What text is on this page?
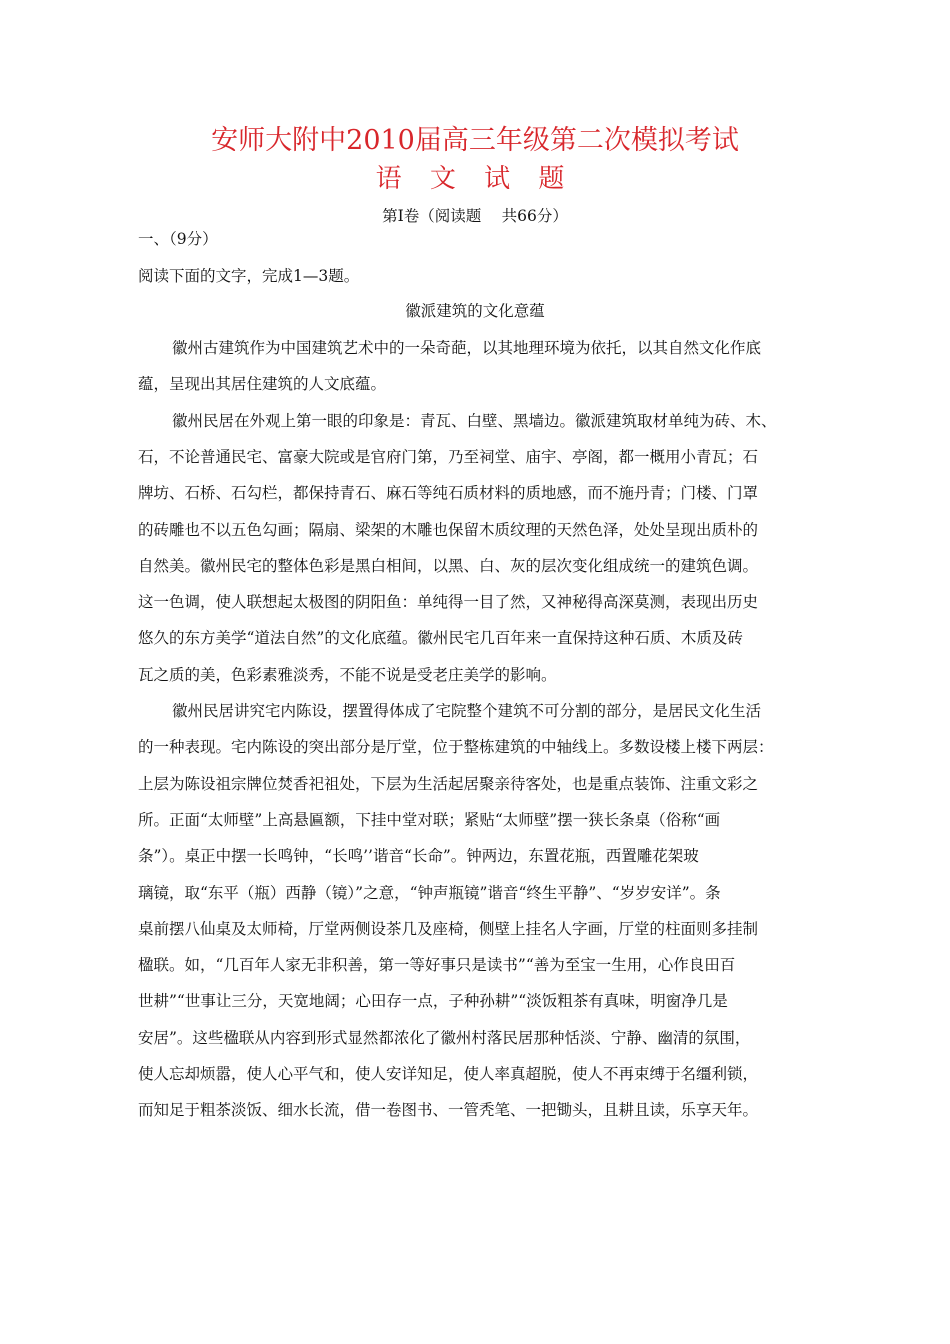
安师大附中2010届高三年级第二次模拟考试
语 文 试 题
第Ⅰ卷（阅读题　 共66分）
一、（9分）
阅读下面的文字，完成1—3题。
徽派建筑的文化意蕴
徽州古建筑作为中国建筑艺术中的一朵奇葩，以其地理环境为依托，以其自然文化作底
蕴，呈现出其居住建筑的人文底蕴。
徽州民居在外观上第一眼的印象是：青瓦、白壁、黑墙边。徽派建筑取材单纯为砖、木、
石，不论普通民宅、富豪大院或是官府门第，乃至祠堂、庙宇、亭阁，都一概用小青瓦；石
牌坊、石桥、石勾栏，都保持青石、麻石等纯石质材料的质地感，而不施丹青；门楼、门罩
的砖雕也不以五色勾画；隔扇、梁架的木雕也保留木质纹理的天然色泽，处处呈现出质朴的
自然美。徽州民宅的整体色彩是黑白相间，以黑、白、灰的层次变化组成统一的建筑色调。
这一色调，使人联想起太极图的阴阳鱼：单纯得一目了然，又神秘得高深莫测，表现出历史
悠久的东方美学“道法自然”的文化底蕴。徽州民宅几百年来一直保持这种石质、木质及砖
瓦之质的美，色彩素雅淡秀，不能不说是受老庄美学的影响。
徽州民居讲究宅内陈设，摆置得体成了宅院整个建筑不可分割的部分，是居民文化生活
的一种表现。宅内陈设的突出部分是厅堂，位于整栋建筑的中轴线上。多数设楼上楼下两层：
上层为陈设祖宗牌位焚香祀祖处，下层为生活起居聚亲待客处，也是重点装饰、注重文彩之
所。正面“太师壁”上高悬匾额，下挂中堂对联；紧贴“太师壁”摆一狭长条桌（俗称“画
条”）。桌正中摆一长鸣钟，“长鸣’’谐音“长命”。钟两边，东置花瓶，西置雕花架玻
璃镜，取“东平（瓶）西静（镜）”之意，“钟声瓶镜”谐音“终生平静”、“岁岁安详”。条
桌前摆八仙桌及太师椅，厅堂两侧设茶几及座椅，侧壁上挂名人字画，厅堂的柱面则多挂制
楹联。如，“几百年人家无非积善，第一等好事只是读书”“善为至宝一生用，心作良田百
世耕”“世事让三分，天宽地阔；心田存一点，子种孙耕”“淡饭粗茶有真味，明窗净几是
安居”。这些楹联从内容到形式显然都浓化了徽州村落民居那种恬淡、宁静、幽清的氛围，
使人忘却烦嚣，使人心平气和，使人安详知足，使人率真超脱，使人不再束缚于名缰利锁，
而知足于粗茶淡饭、细水长流，借一卷图书、一管秃笔、一把锄头，且耕且读，乐享天年。
